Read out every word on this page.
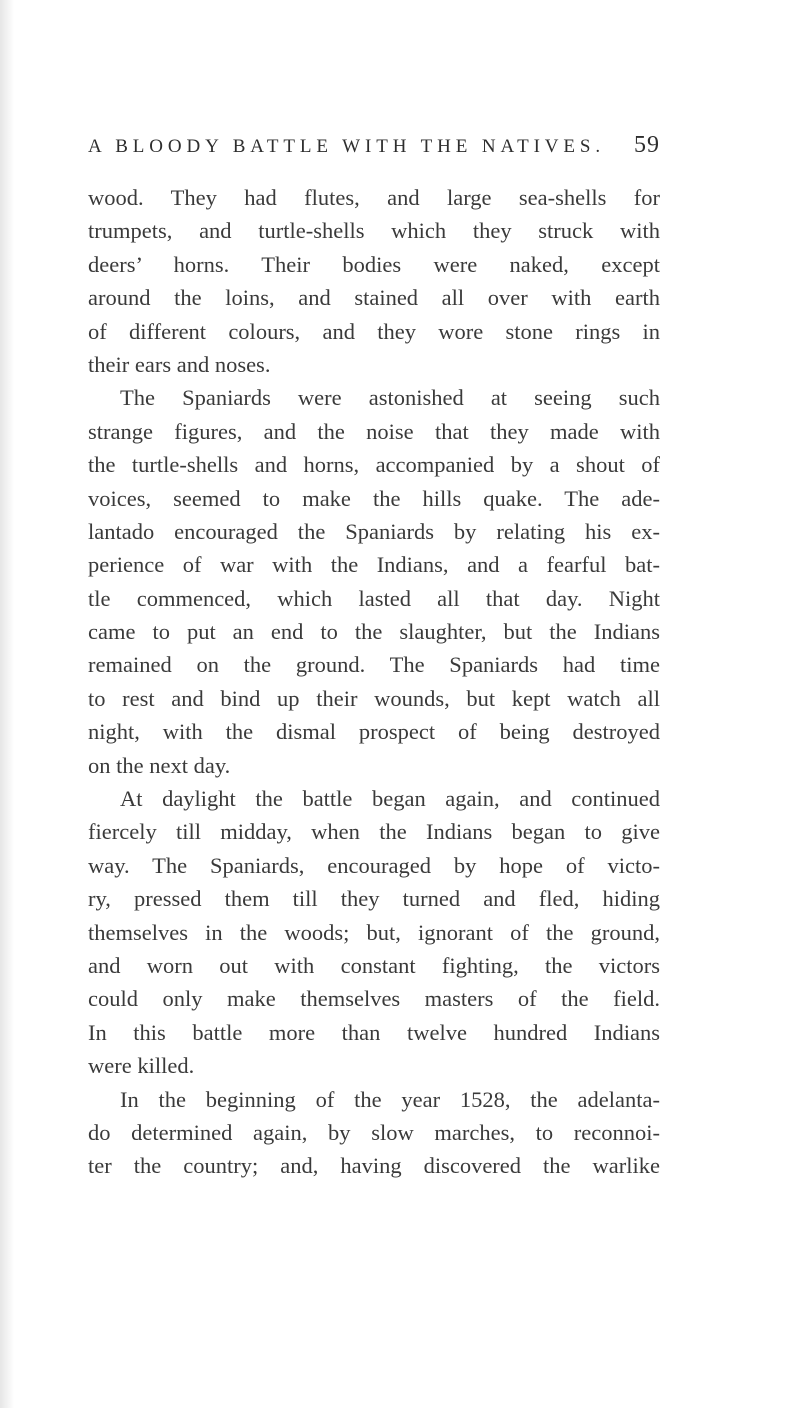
A BLOODY BATTLE WITH THE NATIVES. 59
wood. They had flutes, and large sea-shells for
trumpets, and turtle-shells which they struck with
deers’ horns. Their bodies were naked, except
around the loins, and stained all over with earth
of different colours, and they wore stone rings in
their ears and noses.
The Spaniards were astonished at seeing such
strange figures, and the noise that they made with
the turtle-shells and horns, accompanied by a shout of
voices, seemed to make the hills quake. The ade-
lantado encouraged the Spaniards by relating his ex-
perience of war with the Indians, and a fearful bat-
tle commenced, which lasted all that day. Night
came to put an end to the slaughter, but the Indians
remained on the ground. The Spaniards had time
to rest and bind up their wounds, but kept watch all
night, with the dismal prospect of being destroyed
on the next day.
At daylight the battle began again, and continued
fiercely till midday, when the Indians began to give
way. The Spaniards, encouraged by hope of victo-
ry, pressed them till they turned and fled, hiding
themselves in the woods; but, ignorant of the ground,
and worn out with constant fighting, the victors
could only make themselves masters of the field.
In this battle more than twelve hundred Indians
were killed.
In the beginning of the year 1528, the adelanta-
do determined again, by slow marches, to reconnoi-
ter the country; and, having discovered the warlike
